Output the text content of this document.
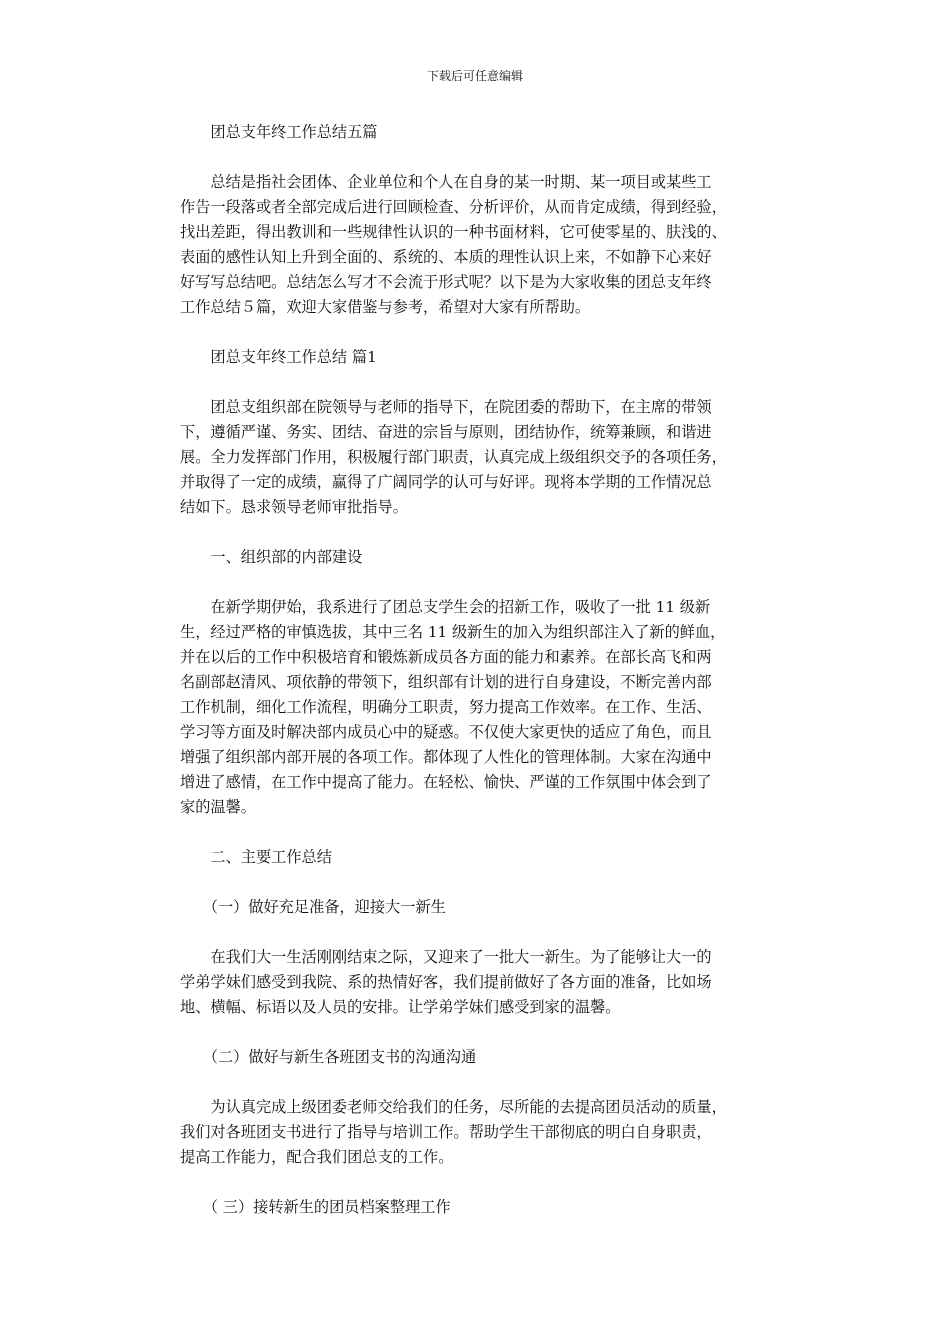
下载后可任意编辑
　　团总支年终工作总结五篇
　　总结是指社会团体、企业单位和个人在自身的某一时期、某一项目或某些工
作告一段落或者全部完成后进行回顾检查、分析评价，从而肯定成绩，得到经验，
找出差距，得出教训和一些规律性认识的一种书面材料，它可使零星的、肤浅的、
表面的感性认知上升到全面的、系统的、本质的理性认识上来，不如静下心来好
好写写总结吧。总结怎么写才不会流于形式呢？以下是为大家收集的团总支年终
工作总结５篇，欢迎大家借鉴与参考，希望对大家有所帮助。
　　团总支年终工作总结 篇1
　　团总支组织部在院领导与老师的指导下，在院团委的帮助下，在主席的带领
下，遵循严谨、务实、团结、奋进的宗旨与原则，团结协作，统筹兼顾，和谐进
展。全力发挥部门作用，积极履行部门职责，认真完成上级组织交予的各项任务，
并取得了一定的成绩，赢得了广阔同学的认可与好评。现将本学期的工作情况总
结如下。恳求领导老师审批指导。
　　一、组织部的内部建设
　　在新学期伊始，我系进行了团总支学生会的招新工作，吸收了一批 11 级新
生，经过严格的审慎选拔，其中三名 11 级新生的加入为组织部注入了新的鲜血，
并在以后的工作中积极培育和锻炼新成员各方面的能力和素养。在部长高飞和两
名副部赵清风、项依静的带领下，组织部有计划的进行自身建设，不断完善内部
工作机制，细化工作流程，明确分工职责，努力提高工作效率。在工作、生活、
学习等方面及时解决部内成员心中的疑惑。不仅使大家更快的适应了角色，而且
增强了组织部内部开展的各项工作。都体现了人性化的管理体制。大家在沟通中
增进了感情，在工作中提高了能力。在轻松、愉快、严谨的工作氛围中体会到了
家的温馨。
　　二、主要工作总结
　　（一）做好充足准备，迎接大一新生
　　在我们大一生活刚刚结束之际，又迎来了一批大一新生。为了能够让大一的
学弟学妹们感受到我院、系的热情好客，我们提前做好了各方面的准备，比如场
地、横幅、标语以及人员的安排。让学弟学妹们感受到家的温馨。
　　（二）做好与新生各班团支书的沟通沟通
　　为认真完成上级团委老师交给我们的任务，尽所能的去提高团员活动的质量，
我们对各班团支书进行了指导与培训工作。帮助学生干部彻底的明白自身职责，
提高工作能力，配合我们团总支的工作。
　　（ 三）接转新生的团员档案整理工作
